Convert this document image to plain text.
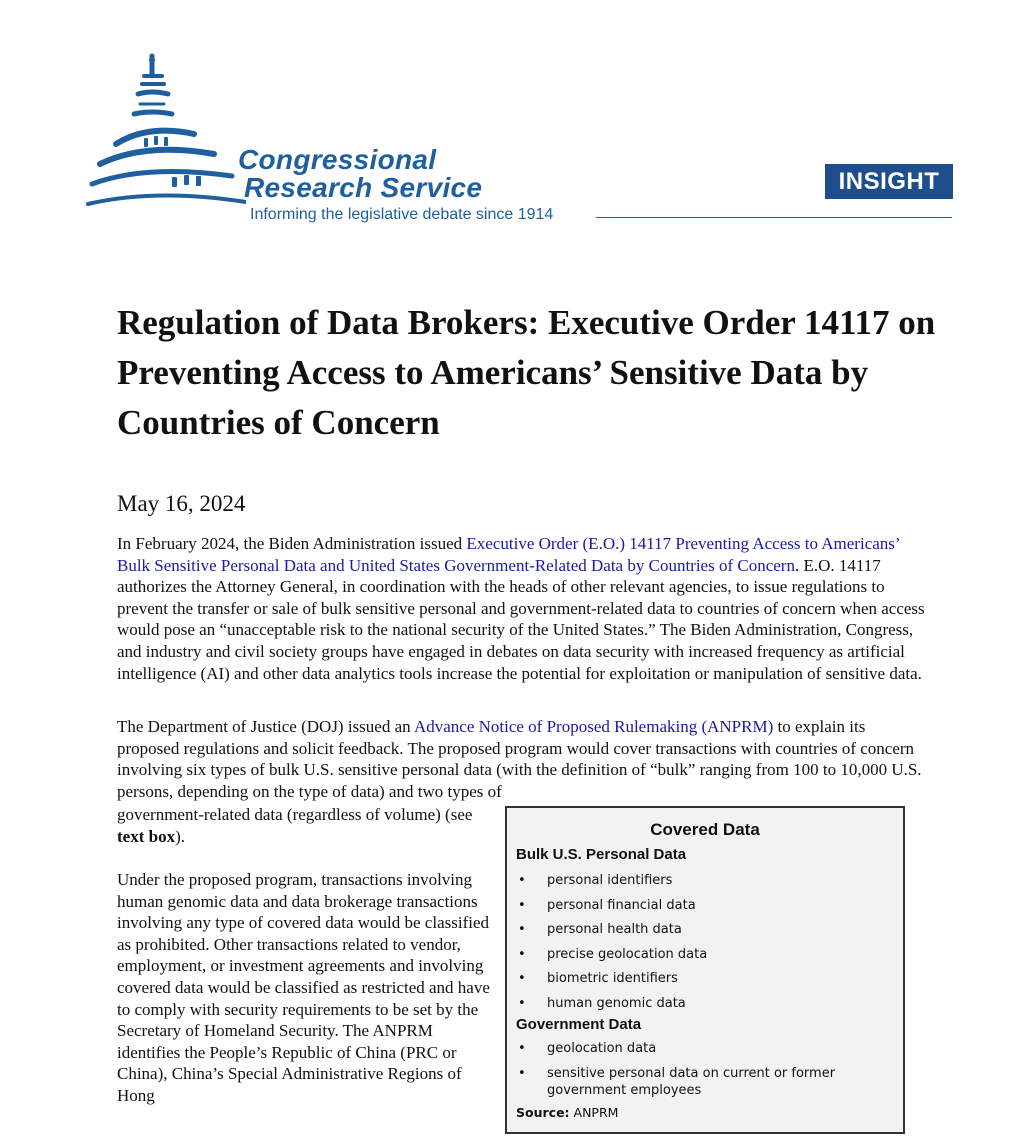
Congressional
Research Service
Informing the legislative debate since 1914
INSIGHT
Regulation of Data Brokers: Executive Order 14117 on Preventing Access to Americans’ Sensitive Data by Countries of Concern
May 16, 2024

In February 2024, the Biden Administration issued Executive Order (E.O.) 14117 Preventing Access to Americans’ Bulk Sensitive Personal Data and United States Government-Related Data by Countries of Concern. E.O. 14117 authorizes the Attorney General, in coordination with the heads of other relevant agencies, to issue regulations to prevent the transfer or sale of bulk sensitive personal and government-related data to countries of concern when access would pose an “unacceptable risk to the national security of the United States.” The Biden Administration, Congress, and industry and civil society groups have engaged in debates on data security with increased frequency as artificial intelligence (AI) and other data analytics tools increase the potential for exploitation or manipulation of sensitive data.

The Department of Justice (DOJ) issued an Advance Notice of Proposed Rulemaking (ANPRM) to explain its proposed regulations and solicit feedback. The proposed program would cover transactions with countries of concern involving six types of bulk U.S. sensitive personal data (with the definition of “bulk” ranging from 100 to 10,000 U.S. persons, depending on the type of data) and two types of

government-related data (regardless of volume) (see text box).

Under the proposed program, transactions involving human genomic data and data brokerage transactions involving any type of covered data would be classified as prohibited. Other transactions related to vendor, employment, or investment agreements and involving covered data would be classified as restricted and have to comply with security requirements to be set by the Secretary of Homeland Security. The ANPRM identifies the People’s Republic of China (PRC or China), China’s Special Administrative Regions of Hong

Covered Data
Bulk U.S. Personal Data
• personal identifiers
• personal financial data
• personal health data
• precise geolocation data
• biometric identifiers
• human genomic data
Government Data
• geolocation data
• sensitive personal data on current or former government employees
Source: ANPRM
